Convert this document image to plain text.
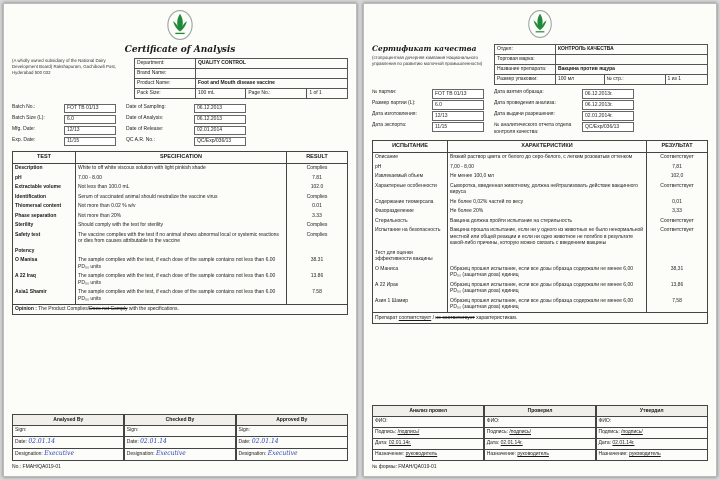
Certificate of Analysis
(A wholly owned subsidiary of the National Dairy Development Board) Rakshapuram, Gachibowli Post, Hyderabad 500 032
Department:	QUALITY CONTROL		
Brand Name:			
Product Name:	Foot and Mouth disease vaccine		
Pack Size:	100 mL	Page No.:	1 of 1
Batch No.:	FOT TB 01/13	Date of Sampling:	06.12.2013
Batch Size (L):	6.0	Date of Analysis:	06.12.2013
Mfg. Date:	12/13	Date of Release:	02.01.2014
Exp. Date:	11/15	QC A.R. No.:	QC/Exp/036/13
TEST	SPECIFICATION	RESULT
Description	White to off white viscous solution with light pinkish shade	Complies
pH	7.00 - 8.00	7.81
Extractable volume	Not less than 100.0 mL	102.0
Identification	Serum of vaccinated animal should neutralize the vaccine virus	Complies
Thiomersal content	Not more than 0.02 % w/v	0.01
Phase separation	Not more than 20%	3.33
Sterility	Should comply with the test for sterility	Complies
Safety test	The vaccine complies with the test if no animal shows abnormal local or systemic reactions or dies from causes attributable to the vaccine	Complies
Potency		
O Manisa	The sample complies with the test, if each dose of the sample contains not less than 6.00 PD₅₀ units	38.31
A 22 Iraq	The sample complies with the test, if each dose of the sample contains not less than 6.00 PD₅₀ units	13.86
Asia1 Shamir	The sample complies with the test, if each dose of the sample contains not less than 6.00 PD₅₀ units	7.58
Opinion : The Product Complies/Does not Comply with the specifications.		
Analysed By
Sign:
Date: 02.01.14
Designation: Executive
Checked By
Sign:
Date: 02.01.14
Designation: Executive
Approved By
Sign:
Date: 02.01.14
Designation: Executive
No.: FMAH/QA019-01
Сертификат качества
(стопроцентная дочерняя компания Национального управления по развитию молочной промышленности)
Отдел:	КОНТРОЛЬ КАЧЕСТВА		
Торговая марка:			
Название препарата:	Вакцина против ящура		
Размер упаковки:	100 мл	№ стр.:	1 из 1
№ партии:	FOT TB 01/13	Дата взятия образца:	06.12.2013г.
Размер партии (L):	6.0	Дата проведения анализа:	06.12.2013г.
Дата изготовления:	12/13	Дата выдачи разрешения:	02.01.2014г.
Дата экспорта:	11/15	№ аналитического отчета отдела контроля качества:
QC/Exp/036/13
ИСПЫТАНИЕ	ХАРАКТЕРИСТИКИ	РЕЗУЛЬТАТ
Описание	Вязкий раствор цвета от белого до серо-белого, с легким розоватым оттенком	Соответствует
pH	7,00 - 8,00	7,81
Извлекаемый объем	Не менее 100,0 мл	102,0
Характерные особенности	Сыворотка, введенная животному, должна нейтрализовать действие вакцинного вируса	Соответствует
Содержание тиомерсала	Не более 0,02% частей по весу	0,01
Фазоразделение	Не более 20%	3,33
Стерильность	Вакцина должна пройти испытание на стерильность	Соответствует
Испытание на безопасность	Вакцина прошла испытание, если ни у одного из животных не было ненормальной местной или общей реакции и если ни одно животное не погибло в результате какой-либо причины, которую можно связать с введением вакцины	Соответствует
Тест для оценки эффективности вакцины		
О Маниса	Образец прошел испытание, если все дозы образца содержали не менее 6,00 PD₅₀ (защитная доза) единиц	38,31
А 22 Ирак	Образец прошел испытание, если все дозы образца содержали не менее 6,00 PD₅₀ (защитная доза) единиц	13,86
Азия 1 Шамир	Образец прошел испытание, если все дозы образца содержали не менее 6,00 PD₅₀ (защитная доза) единиц	7,58
Препарат соответствует / не соответствует характеристикам.		
Анализ провел
ФИО:
Подпись: /подпись/
Дата: 02.01.14г.
Назначение: руководитель
Проверил
ФИО:
Подпись: /подпись/
Дата: 02.01.14г.
Назначение: руководитель
Утвердил
ФИО:
Подпись: /подпись/
Дата: 02.01.14г.
Назначение: руководитель
№ формы: FMAH/QA019-01
